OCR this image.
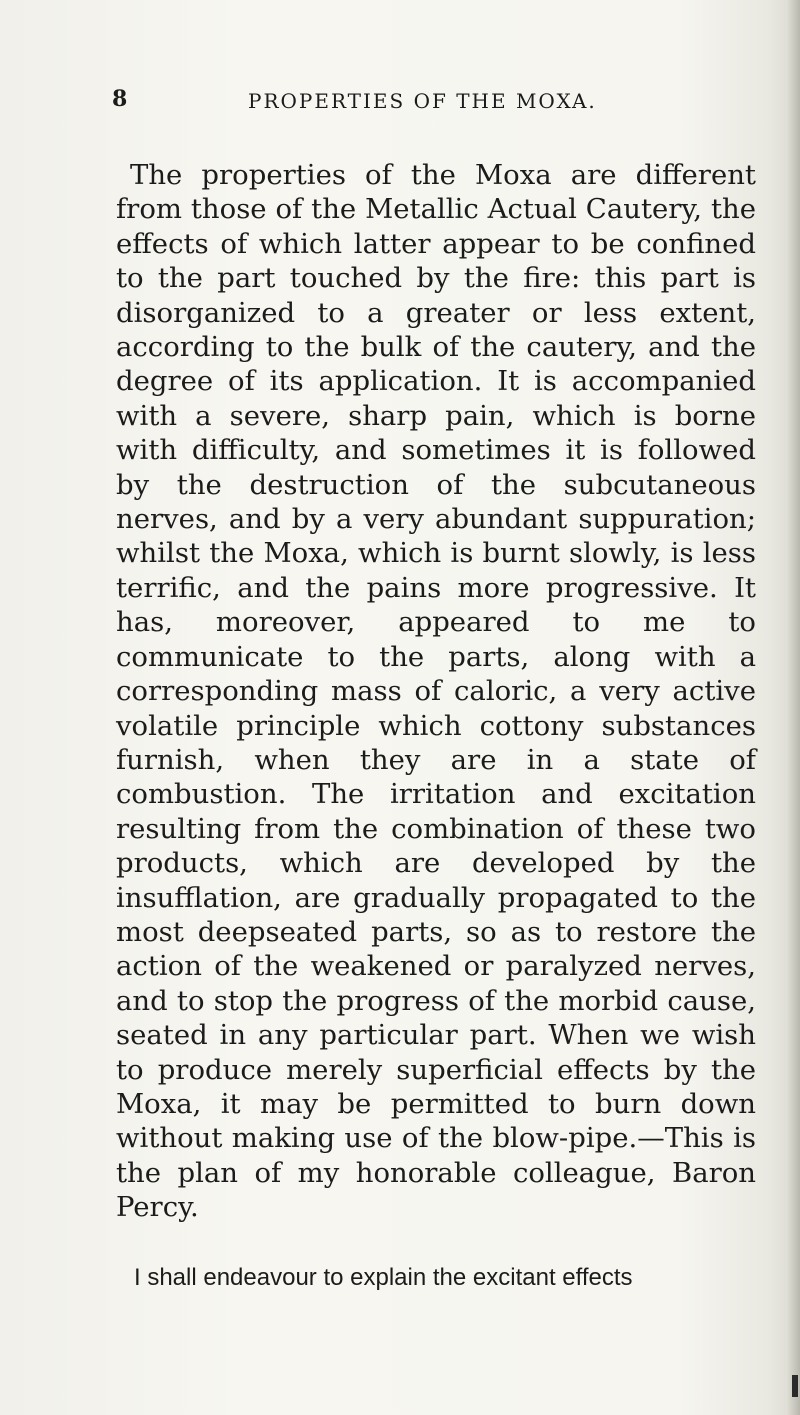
8	PROPERTIES OF THE MOXA.

The properties of the Moxa are different from those of the Metallic Actual Cautery, the effects of which latter appear to be confined to the part touched by the fire: this part is disorganized to a greater or less extent, according to the bulk of the cautery, and the degree of its application. It is accompanied with a severe, sharp pain, which is borne with difficulty, and sometimes it is followed by the destruction of the subcutaneous nerves, and by a very abundant suppuration; whilst the Moxa, which is burnt slowly, is less terrific, and the pains more progressive. It has, moreover, appeared to me to communicate to the parts, along with a corresponding mass of caloric, a very active volatile principle which cottony substances furnish, when they are in a state of combustion. The irritation and excitation resulting from the combination of these two products, which are developed by the insufflation, are gradually propagated to the most deepseated parts, so as to restore the action of the weakened or paralyzed nerves, and to stop the progress of the morbid cause, seated in any particular part. When we wish to produce merely superficial effects by the Moxa, it may be permitted to burn down without making use of the blow-pipe.—This is the plan of my honorable colleague, Baron Percy.

I shall endeavour to explain the excitant effects
